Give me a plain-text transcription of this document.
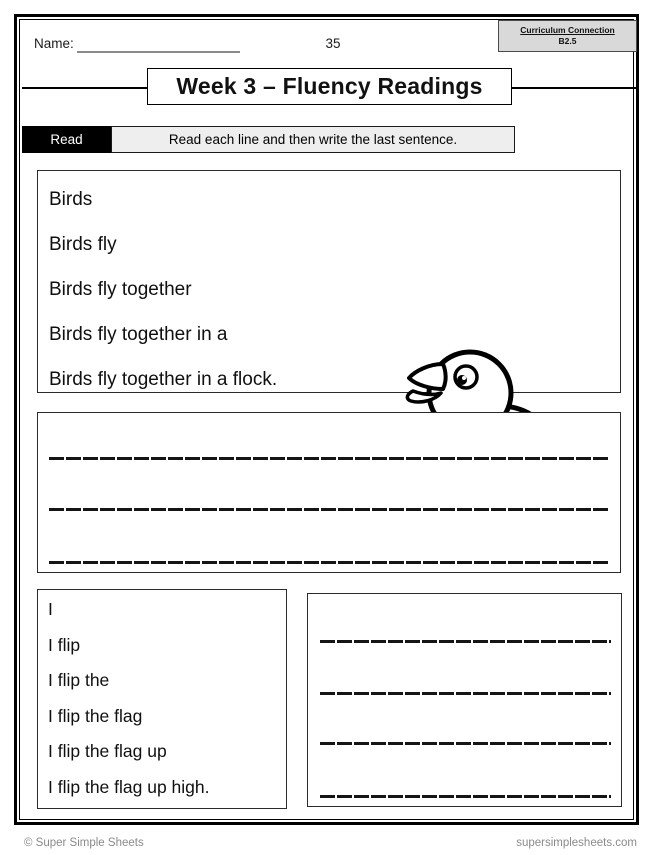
Name:	35
Curriculum Connection
B2.5
Week 3 – Fluency Readings
Read	Read each line and then write the last sentence.
Birds
Birds fly
Birds fly together
Birds fly together in a
Birds fly together in a flock.
I
I flip
I flip the
I flip the flag
I flip the flag up
I flip the flag up high.
© Super Simple Sheets	supersimplesheets.com
